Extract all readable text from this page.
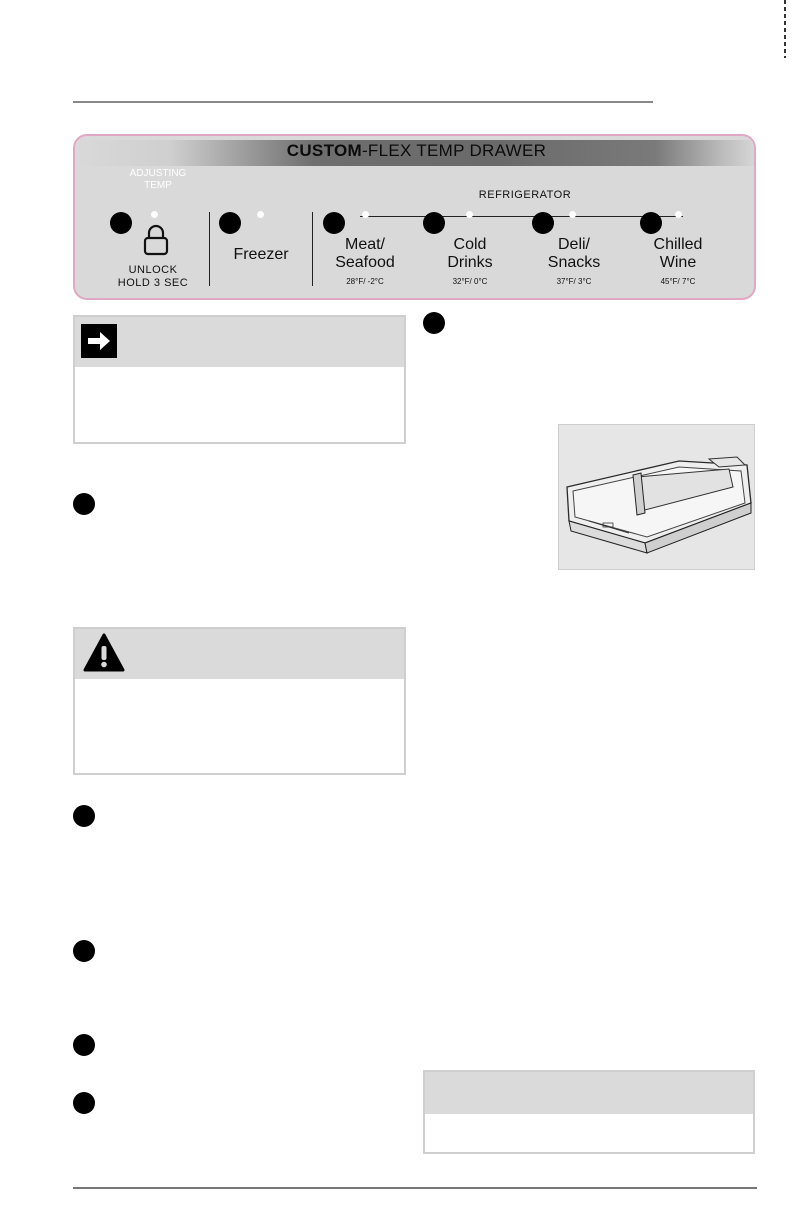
CUSTOM-FLEX TEMP DRAWER
ADJUSTING
TEMP
REFRIGERATOR
UNLOCK
HOLD 3 SEC
Freezer
Meat/
Seafood
28°F/ -2°C
Cold
Drinks
32°F/ 0°C
Deli/
Snacks
37°F/ 3°C
Chilled
Wine
45°F/ 7°C
